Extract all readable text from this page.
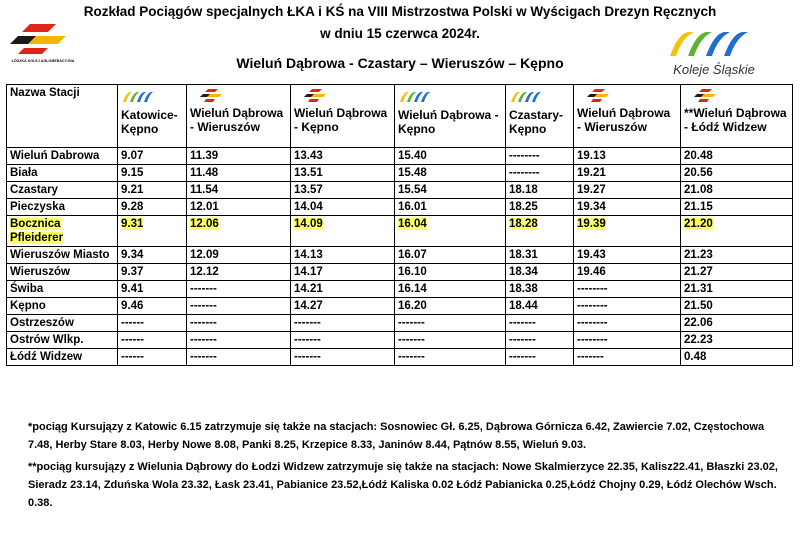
Rozkład Pociągów specjalnych ŁKA i KŚ na VIII Mistrzostwa Polski w Wyścigach Drezyn Ręcznych
w dniu 15 czerwca 2024r.
Wieluń Dąbrowa - Czastary – Wieruszów – Kępno
ŁÓDZKA KOLEJ AGLOMERACYJNA
Koleje Śląskie
Nazwa Stacji	Katowice-Kępno	Wieluń Dąbrowa - Wieruszów	Wieluń Dąbrowa - Kępno	Wieluń Dąbrowa - Kępno	Czastary-Kępno	Wieluń Dąbrowa - Wieruszów	**Wieluń Dąbrowa - Łódź Widzew

Wieluń Dabrowa	9.07	11.39	13.43	15.40	--------	19.13	20.48
Biała	9.15	11.48	13.51	15.48	--------	19.21	20.56
Czastary	9.21	11.54	13.57	15.54	18.18	19.27	21.08
Pieczyska	9.28	12.01	14.04	16.01	18.25	19.34	21.15
Bocznica Pfleiderer	9.31	12.06	14.09	16.04	18.28	19.39	21.20
Wieruszów Miasto	9.34	12.09	14.13	16.07	18.31	19.43	21.23
Wieruszów	9.37	12.12	14.17	16.10	18.34	19.46	21.27
Świba	9.41	-------	14.21	16.14	18.38	--------	21.31
Kępno	9.46	-------	14.27	16.20	18.44	--------	21.50
Ostrzeszów	------	-------	-------	-------	-------	--------	22.06
Ostrów Wlkp.	------	-------	-------	-------	-------	--------	22.23
Łódź Widzew	------	-------	-------	-------	-------	-------	0.48
*pociąg Kursujązy z Katowic 6.15 zatrzymuje się także na stacjach: Sosnowiec Gł. 6.25, Dąbrowa Górnicza 6.42, Zawiercie 7.02, Częstochowa 7.48, Herby Stare 8.03, Herby Nowe 8.08, Panki 8.25, Krzepice 8.33, Janinów 8.44, Pątnów 8.55, Wieluń 9.03.
**pociąg kursujązy z Wielunia Dąbrowy do Łodzi Widzew zatrzymuje się także na stacjach: Nowe Skalmierzyce 22.35, Kalisz22.41, Błaszki 23.02, Sieradz 23.14, Zduńska Wola 23.32, Łask 23.41, Pabianice 23.52,Łódź Kaliska 0.02 Łódź Pabianicka 0.25,Łódź Chojny 0.29, Łódź Olechów Wsch. 0.38.
